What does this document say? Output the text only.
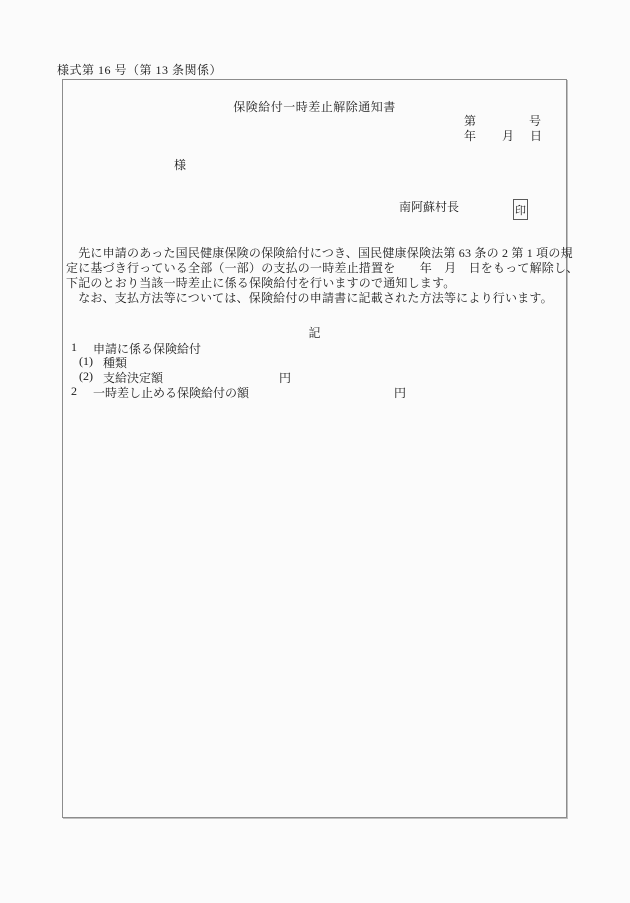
様式第 16 号（第 13 条関係）
保険給付一時差止解除通知書
第	号
年 月 日
様
南阿蘇村長	印
　先に申請のあった国民健康保険の保険給付につき、国民健康保険法第 63 条の 2 第 1 項の規
定に基づき行っている全部（一部）の支払の一時差止措置を　　年　月　日をもって解除し、
下記のとおり当該一時差止に係る保険給付を行いますので通知します。
　なお、支払方法等については、保険給付の申請書に記載された方法等により行います。
記
1 申請に係る保険給付
(1) 種類
(2) 支給決定額	円
2 一時差し止める保険給付の額	円
